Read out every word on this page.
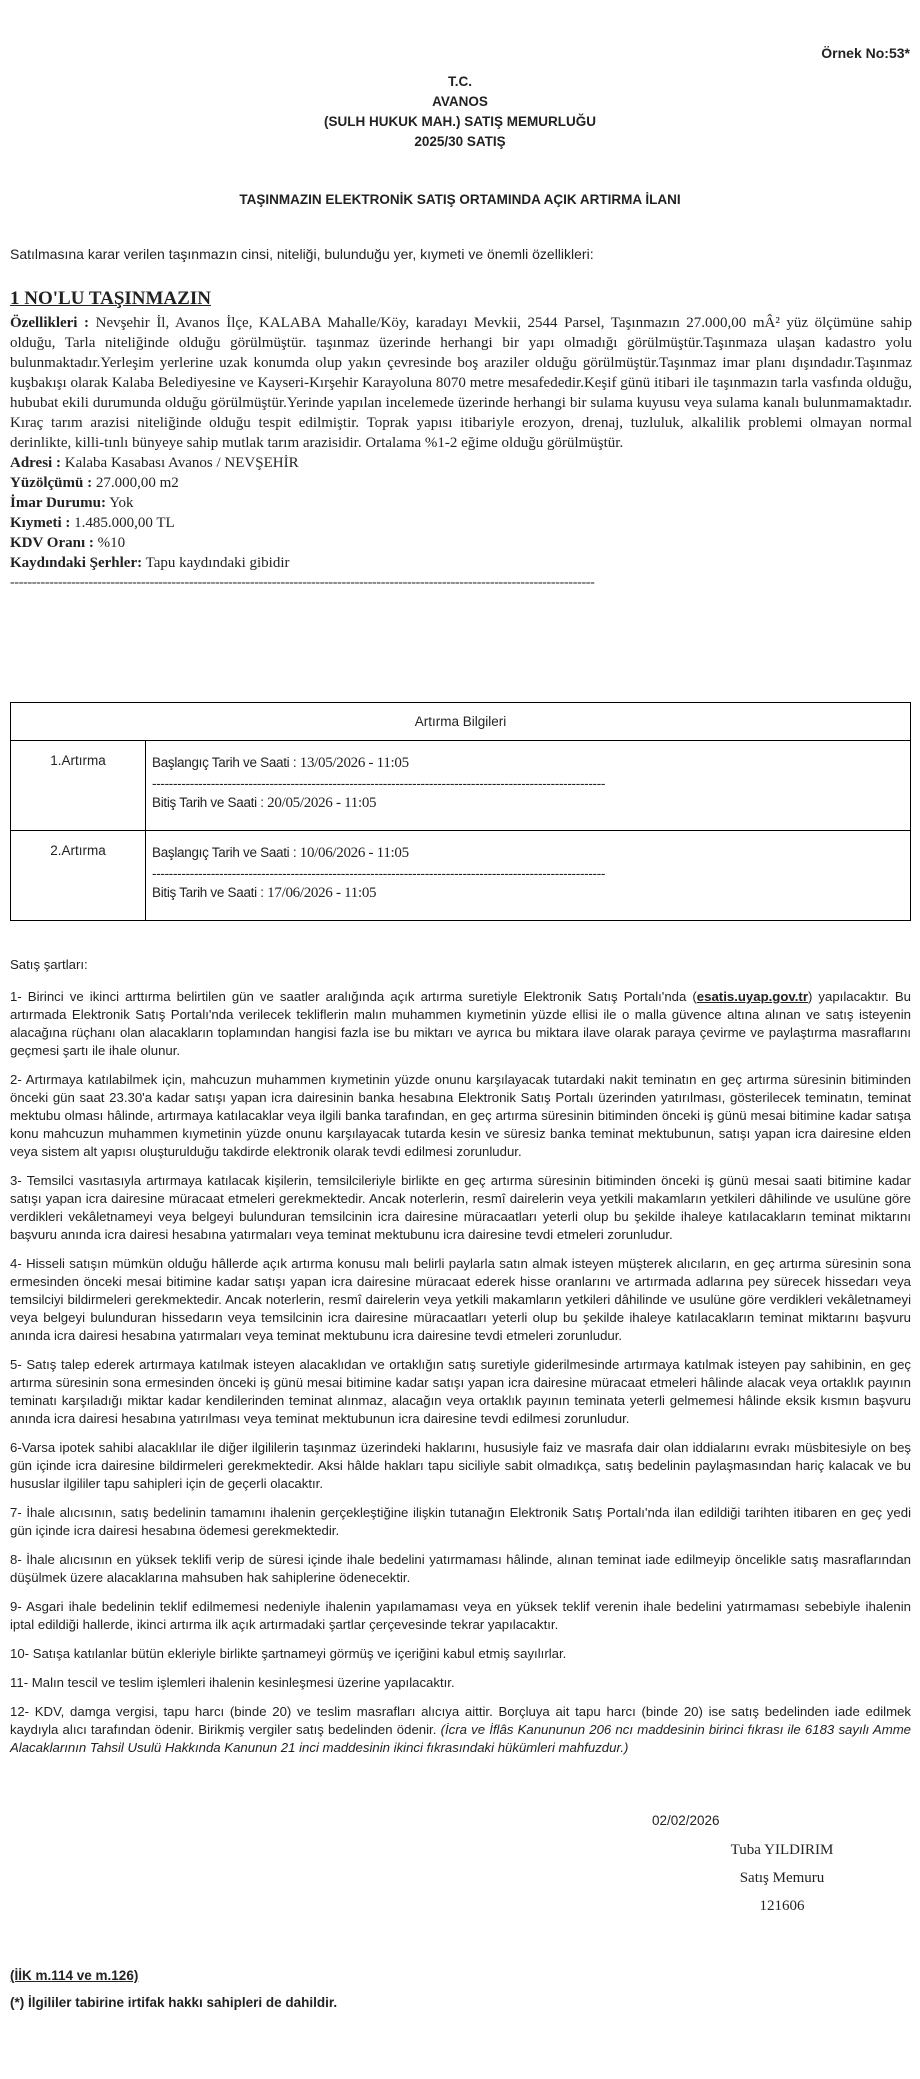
Örnek No:53*
T.C.
AVANOS
(SULH HUKUK MAH.) SATIŞ MEMURLUĞU
2025/30 SATIŞ
TAŞINMAZIN ELEKTRONİK SATIŞ ORTAMINDA AÇIK ARTIRMA İLANI
Satılmasına karar verilen taşınmazın cinsi, niteliği, bulunduğu yer, kıymeti ve önemli özellikleri:
1 NO'LU TAŞINMAZIN
Özellikleri : Nevşehir İl, Avanos İlçe, KALABA Mahalle/Köy, karadayı Mevkii, 2544 Parsel, Taşınmazın 27.000,00 mÂ² yüz ölçümüne sahip olduğu, Tarla niteliğinde olduğu görülmüştür. taşınmaz üzerinde herhangi bir yapı olmadığı görülmüştür.Taşınmaza ulaşan kadastro yolu bulunmaktadır.Yerleşim yerlerine uzak konumda olup yakın çevresinde boş araziler olduğu görülmüştür.Taşınmaz imar planı dışındadır.Taşınmaz kuşbakışı olarak Kalaba Belediyesine ve Kayseri-Kırşehir Karayoluna 8070 metre mesafededir.Keşif günü itibari ile taşınmazın tarla vasfında olduğu, hububat ekili durumunda olduğu görülmüştür.Yerinde yapılan incelemede üzerinde herhangi bir sulama kuyusu veya sulama kanalı bulunmamaktadır. Kıraç tarım arazisi niteliğinde olduğu tespit edilmiştir. Toprak yapısı itibariyle erozyon, drenaj, tuzluluk, alkalilik problemi olmayan normal derinlikte, killi-tınlı bünyeye sahip mutlak tarım arazisidir. Ortalama %1-2 eğime olduğu görülmüştür.
Adresi : Kalaba Kasabası Avanos / NEVŞEHİR
Yüzölçümü : 27.000,00 m2
İmar Durumu: Yok
Kıymeti : 1.485.000,00 TL
KDV Oranı : %10
Kaydındaki Şerhler: Tapu kaydındaki gibidir
--------------------------------------------------------------------------------------------------------------------------------------
Artırma Bilgileri	
1.Artırma	Başlangıç Tarih ve Saati : 13/05/2026 - 11:05
------------------------------------------------------------------------------------------------------------
Bitiş Tarih ve Saati : 20/05/2026 - 11:05

2.Artırma	Başlangıç Tarih ve Saati : 10/06/2026 - 11:05
------------------------------------------------------------------------------------------------------------
Bitiş Tarih ve Saati : 17/06/2026 - 11:05

Satış şartları:

1- Birinci ve ikinci arttırma belirtilen gün ve saatler aralığında açık artırma suretiyle Elektronik Satış Portalı'nda (esatis.uyap.gov.tr) yapılacaktır. Bu artırmada Elektronik Satış Portalı'nda verilecek tekliflerin malın muhammen kıymetinin yüzde ellisi ile o malla güvence altına alınan ve satış isteyenin alacağına rüçhanı olan alacakların toplamından hangisi fazla ise bu miktarı ve ayrıca bu miktara ilave olarak paraya çevirme ve paylaştırma masraflarını geçmesi şartı ile ihale olunur.

2- Artırmaya katılabilmek için, mahcuzun muhammen kıymetinin yüzde onunu karşılayacak tutardaki nakit teminatın en geç artırma süresinin bitiminden önceki gün saat 23.30'a kadar satışı yapan icra dairesinin banka hesabına Elektronik Satış Portalı üzerinden yatırılması, gösterilecek teminatın, teminat mektubu olması hâlinde, artırmaya katılacaklar veya ilgili banka tarafından, en geç artırma süresinin bitiminden önceki iş günü mesai bitimine kadar satışa konu mahcuzun muhammen kıymetinin yüzde onunu karşılayacak tutarda kesin ve süresiz banka teminat mektubunun, satışı yapan icra dairesine elden veya sistem alt yapısı oluşturulduğu takdirde elektronik olarak tevdi edilmesi zorunludur.

3- Temsilci vasıtasıyla artırmaya katılacak kişilerin, temsilcileriyle birlikte en geç artırma süresinin bitiminden önceki iş günü mesai saati bitimine kadar satışı yapan icra dairesine müracaat etmeleri gerekmektedir. Ancak noterlerin, resmî dairelerin veya yetkili makamların yetkileri dâhilinde ve usulüne göre verdikleri vekâletnameyi veya belgeyi bulunduran temsilcinin icra dairesine müracaatları yeterli olup bu şekilde ihaleye katılacakların teminat miktarını başvuru anında icra dairesi hesabına yatırmaları veya teminat mektubunu icra dairesine tevdi etmeleri zorunludur.

4- Hisseli satışın mümkün olduğu hâllerde açık artırma konusu malı belirli paylarla satın almak isteyen müşterek alıcıların, en geç artırma süresinin sona ermesinden önceki mesai bitimine kadar satışı yapan icra dairesine müracaat ederek hisse oranlarını ve artırmada adlarına pey sürecek hissedarı veya temsilciyi bildirmeleri gerekmektedir. Ancak noterlerin, resmî dairelerin veya yetkili makamların yetkileri dâhilinde ve usulüne göre verdikleri vekâletnameyi veya belgeyi bulunduran hissedarın veya temsilcinin icra dairesine müracaatları yeterli olup bu şekilde ihaleye katılacakların teminat miktarını başvuru anında icra dairesi hesabına yatırmaları veya teminat mektubunu icra dairesine tevdi etmeleri zorunludur.

5- Satış talep ederek artırmaya katılmak isteyen alacaklıdan ve ortaklığın satış suretiyle giderilmesinde artırmaya katılmak isteyen pay sahibinin, en geç artırma süresinin sona ermesinden önceki iş günü mesai bitimine kadar satışı yapan icra dairesine müracaat etmeleri hâlinde alacak veya ortaklık payının teminatı karşıladığı miktar kadar kendilerinden teminat alınmaz, alacağın veya ortaklık payının teminata yeterli gelmemesi hâlinde eksik kısmın başvuru anında icra dairesi hesabına yatırılması veya teminat mektubunun icra dairesine tevdi edilmesi zorunludur.

6-Varsa ipotek sahibi alacaklılar ile diğer ilgililerin taşınmaz üzerindeki haklarını, hususiyle faiz ve masrafa dair olan iddialarını evrakı müsbitesiyle on beş gün içinde icra dairesine bildirmeleri gerekmektedir. Aksi hâlde hakları tapu siciliyle sabit olmadıkça, satış bedelinin paylaşmasından hariç kalacak ve bu hususlar ilgililer tapu sahipleri için de geçerli olacaktır.

7- İhale alıcısının, satış bedelinin tamamını ihalenin gerçekleştiğine ilişkin tutanağın Elektronik Satış Portalı'nda ilan edildiği tarihten itibaren en geç yedi gün içinde icra dairesi hesabına ödemesi gerekmektedir.

8- İhale alıcısının en yüksek teklifi verip de süresi içinde ihale bedelini yatırmaması hâlinde, alınan teminat iade edilmeyip öncelikle satış masraflarından düşülmek üzere alacaklarına mahsuben hak sahiplerine ödenecektir.

9- Asgari ihale bedelinin teklif edilmemesi nedeniyle ihalenin yapılamaması veya en yüksek teklif verenin ihale bedelini yatırmaması sebebiyle ihalenin iptal edildiği hallerde, ikinci artırma ilk açık artırmadaki şartlar çerçevesinde tekrar yapılacaktır.

10- Satışa katılanlar bütün ekleriyle birlikte şartnameyi görmüş ve içeriğini kabul etmiş sayılırlar.

11- Malın tescil ve teslim işlemleri ihalenin kesinleşmesi üzerine yapılacaktır.

12- KDV, damga vergisi, tapu harcı (binde 20) ve teslim masrafları alıcıya aittir. Borçluya ait tapu harcı (binde 20) ise satış bedelinden iade edilmek kaydıyla alıcı tarafından ödenir. Birikmiş vergiler satış bedelinden ödenir. (İcra ve İflâs Kanununun 206 ncı maddesinin birinci fıkrası ile 6183 sayılı Amme Alacaklarının Tahsil Usulü Hakkında Kanunun 21 inci maddesinin ikinci fıkrasındaki hükümleri mahfuzdur.)

02/02/2026
Tuba YILDIRIM
Satış Memuru
121606
(İİK m.114 ve m.126)
(*) İlgililer tabirine irtifak hakkı sahipleri de dahildir.
